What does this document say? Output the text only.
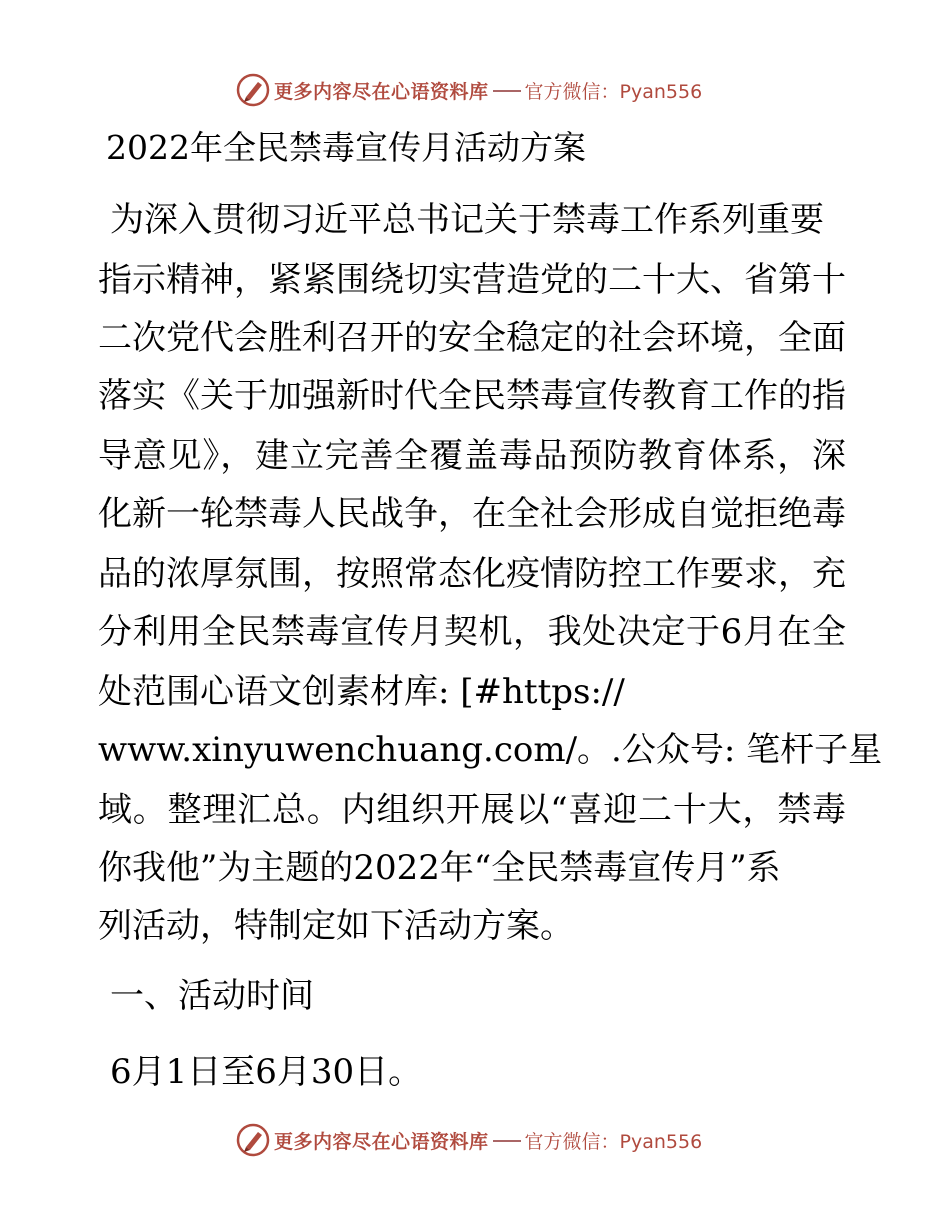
更多内容尽在心语资料库 官方微信：Pyan556
2022年全民禁毒宣传月活动方案
为深入贯彻习近平总书记关于禁毒工作系列重要
指示精神，紧紧围绕切实营造党的二十大、省第十
二次党代会胜利召开的安全稳定的社会环境，全面
落实《关于加强新时代全民禁毒宣传教育工作的指
导意见》，建立完善全覆盖毒品预防教育体系，深
化新一轮禁毒人民战争，在全社会形成自觉拒绝毒
品的浓厚氛围，按照常态化疫情防控工作要求，充
分利用全民禁毒宣传月契机，我处决定于6月在全
处范围心语文创素材库: [#https://
www.xinyuwenchuang.com/。.公众号: 笔杆子星
域。整理汇总。内组织开展以“喜迎二十大，禁毒
你我他”为主题的2022年“全民禁毒宣传月”系
列活动，特制定如下活动方案。
一、活动时间
6月1日至6月30日。
更多内容尽在心语资料库 官方微信：Pyan556
